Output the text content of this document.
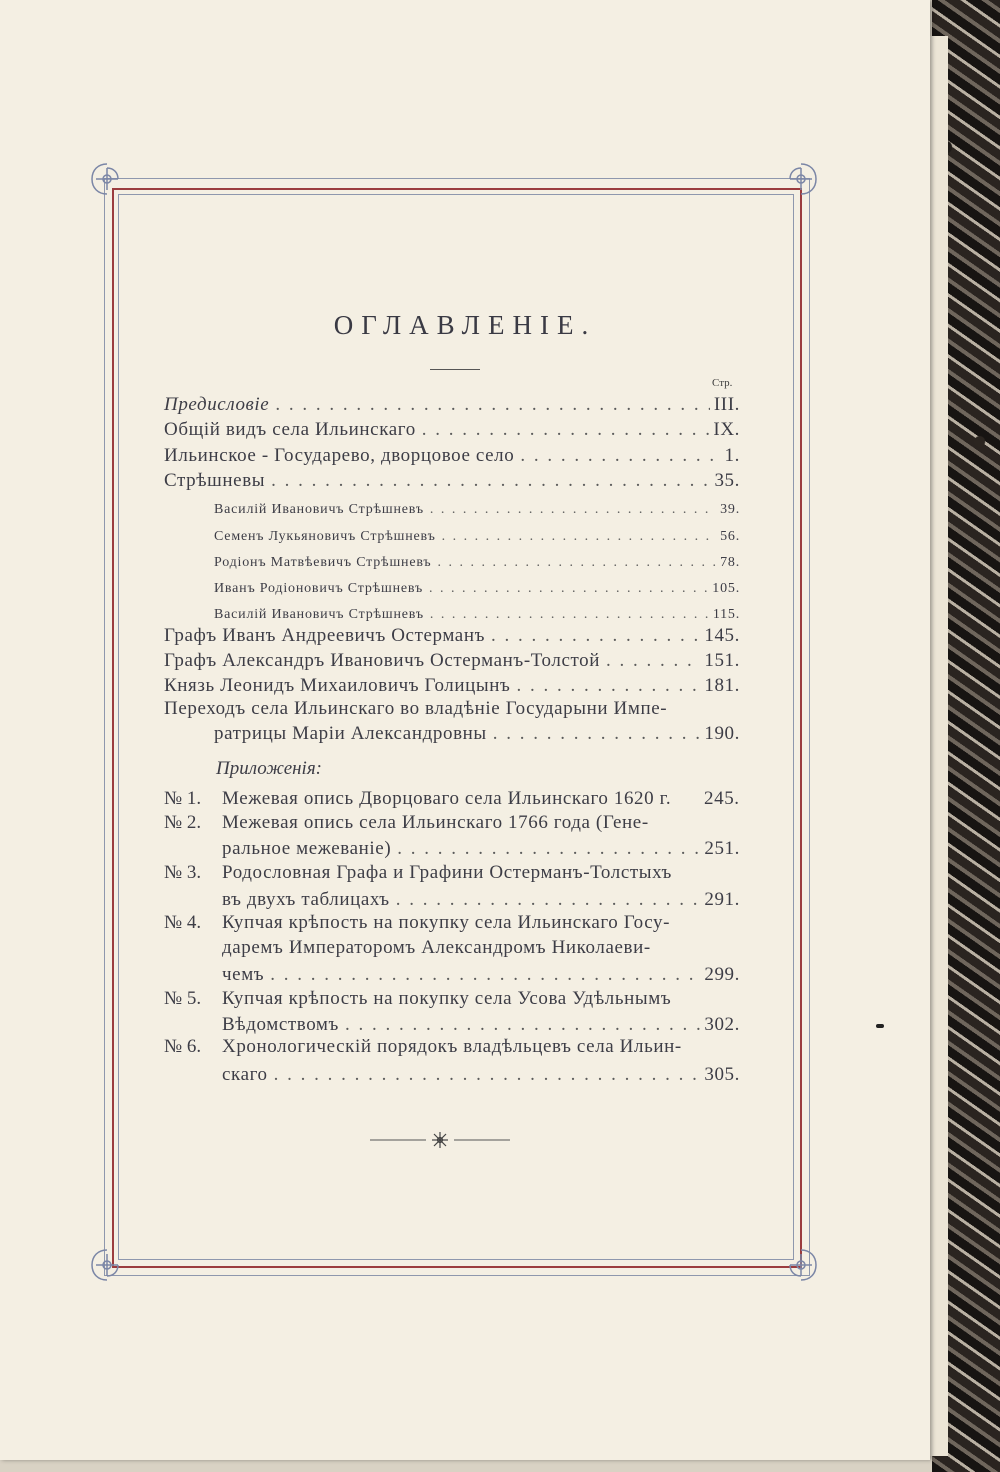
ОГЛАВЛЕНІЕ.
Стр.
Предисловіе . . .	III.
Общій видъ села Ильинскаго . . .	IX.
Ильинское - Государево, дворцовое село . . .	1.
Стрѣшневы . . .	35.
Василій Ивановичъ Стрѣшневъ . . .	39.
Семенъ Лукьяновичъ Стрѣшневъ . . .	56.
Родіонъ Матвѣевичъ Стрѣшневъ . . .	78.
Иванъ Родіоновичъ Стрѣшневъ . . .	105.
Василій Ивановичъ Стрѣшневъ . . .	115.
Графъ Иванъ Андреевичъ Остерманъ . . .	145.
Графъ Александръ Ивановичъ Остерманъ-Толстой . . .	151.
Князь Леонидъ Михаиловичъ Голицынъ . . .	181.
Переходъ села Ильинскаго во владѣніе Государыни Импе-
ратрицы Маріи Александровны . . .	190.
Приложенія:
№ 1. Межевая опись Дворцоваго села Ильинскаго 1620 г. 245.
№ 2. Межевая опись села Ильинскаго 1766 года (Гене-
ральное межеваніе) . . .	251.
№ 3. Родословная Графа и Графини Остерманъ-Толстыхъ
въ двухъ таблицахъ . . .	291.
№ 4. Купчая крѣпость на покупку села Ильинскаго Госу-
даремъ Императоромъ Александромъ Николаеви-
чемъ . . .	299.
№ 5. Купчая крѣпость на покупку села Усова Удѣльнымъ
Вѣдомствомъ . . .	302.
№ 6. Хронологическій порядокъ владѣльцевъ села Ильин-
скаго . . .	305.
